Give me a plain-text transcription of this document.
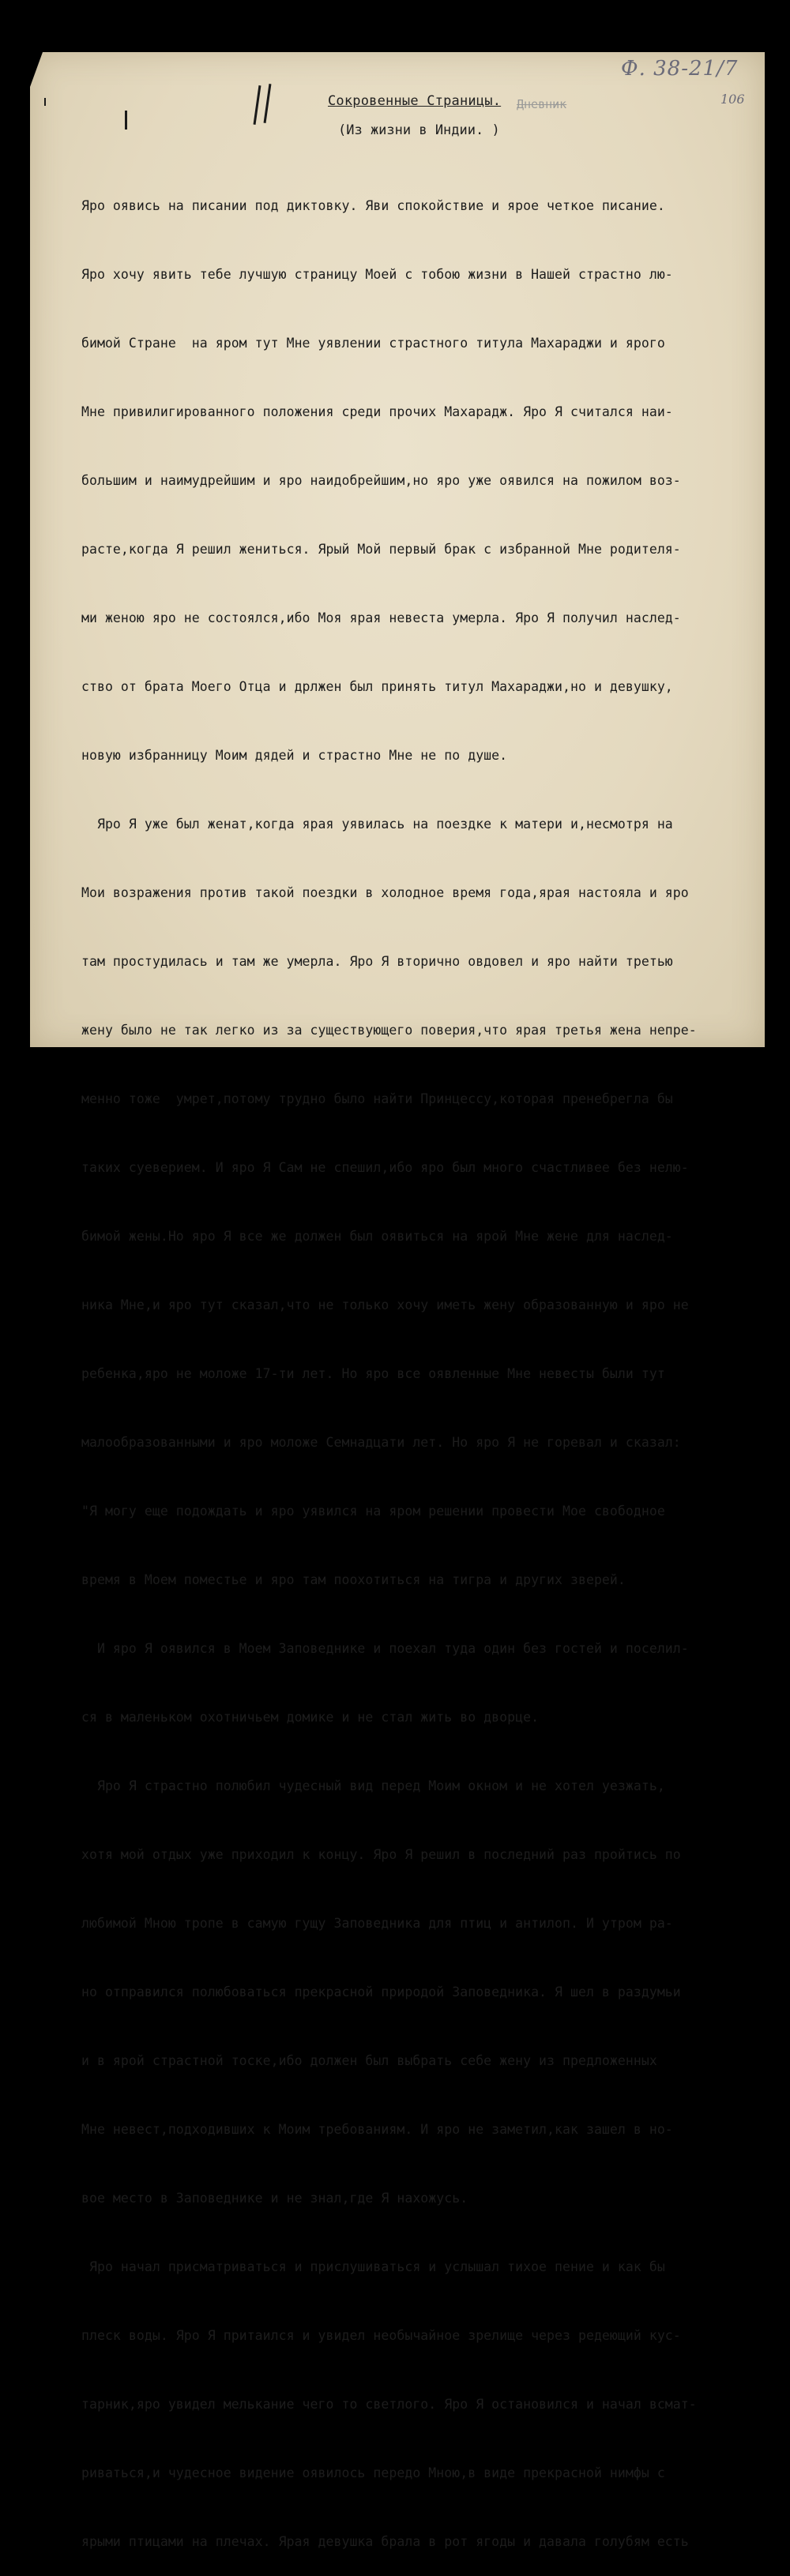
Ф. 38-21/7
106
Сокровенные Страницы. Дневник
(Из жизни в Индии. )

Яро оявись на писании под диктовку. Яви спокойствие и ярое четкое писание.

Яро хочу явить тебе лучшую страницу Моей с тобою жизни в Нашей страстно лю-

бимой Стране  на яром тут Мне уявлении страстного титула Махараджи и ярого

Мне привилигированного положения среди прочих Махарадж. Яро Я считался наи-

большим и наимудрейшим и яро наидобрейшим,но яро уже оявился на пожилом воз-

расте,когда Я решил жениться. Ярый Мой первый брак с избранной Мне родителя-

ми женою яро не состоялся,ибо Моя ярая невеста умерла. Яро Я получил наслед-

ство от брата Моего Отца и дрлжен был принять титул Махараджи,но и девушку,

новую избранницу Моим дядей и страстно Мне не по душе.

Яро Я уже был женат,когда ярая уявилась на поездке к матери и,несмотря на

Мои возражения против такой поездки в холодное время года,ярая настояла и яро

там простудилась и там же умерла. Яро Я вторично овдовел и яро найти третью

жену было не так легко из за существующего поверия,что ярая третья жена непре-

менно тоже  умрет,потому трудно было найти Принцессу,которая пренебрегла бы

таких суеверием. И яро Я Сам не спешил,ибо яро был много счастливее без нелю-

бимой жены.Но яро Я все же должен был оявиться на ярой Мне жене для наслед-

ника Мне,и яро тут сказал,что не только хочу иметь жену образованную и яро не

ребенка,яро не моложе 17-ти лет. Но яро все оявленные Мне невесты были тут

малообразованными и яро моложе Семнадцати лет. Но яро Я не горевал и сказал:

"Я могу еще подождать и яро уявился на яром решении провести Мое свободное

время в Моем поместье и яро там поохотиться на тигра и других зверей.

И яро Я оявился в Моем Заповеднике и поехал туда один без гостей и поселил-

ся в маленьком охотничьем домике и не стал жить во дворце.

Яро Я страстно полюбил чудесный вид перед Моим окном и не хотел уезжать,

хотя мой отдых уже приходил к концу. Яро Я решил в последний раз пройтись по

любимой Мною тропе в самую гущу Заповедника для птиц и антилоп. И утром ра-

но отправился полюбоваться прекрасной природой Заповедника. Я шел в раздумьи

и в ярой страстной тоске,ибо должен был выбрать себе жену из предложенных

Мне невест,подходивших к Моим требованиям. И яро не заметил,как зашел в но-

вое место в Заповеднике и не знал,где Я нахожусь.

Яро начал присматриваться и прислушиваться и услышал тихое пение и как бы

плеск воды. Яро Я притаился и увидел необычайное зрелище через редеющий кус-

тарник,яро увидел мелькание чего то светлого. Яро Я остановился и начал всмат-

риваться,и чудесное видение оявилось передо Мною,в виде прекрасной нимфы с

ярыми птицами на плечах. Ярая девушка брала в рот ягоды и давала голубям есть
